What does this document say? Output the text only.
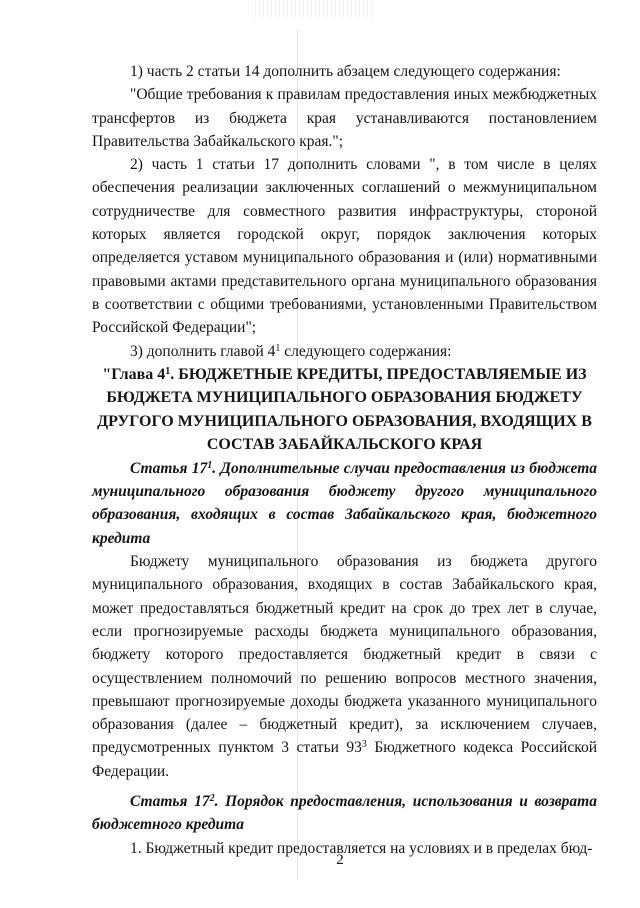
1) часть 2 статьи 14 дополнить абзацем следующего содержания:

"Общие требования к правилам предоставления иных межбюджетных трансфертов из бюджета края устанавливаются постановлением Правительства Забайкальского края.";

2) часть 1 статьи 17 дополнить словами ", в том числе в целях обеспечения реализации заключенных соглашений о межмуниципальном сотрудничестве для совместного развития инфраструктуры, стороной которых является городской округ, порядок заключения которых определяется уставом муниципального образования и (или) нормативными правовыми актами представительного органа муниципального образования в соответствии с общими требованиями, установленными Правительством Российской Федерации";

3) дополнить главой $4^1$ следующего содержания:

"Глава $4^1$. БЮДЖЕТНЫЕ КРЕДИТЫ, ПРЕДОСТАВЛЯЕМЫЕ ИЗ БЮДЖЕТА МУНИЦИПАЛЬНОГО ОБРАЗОВАНИЯ БЮДЖЕТУ ДРУГОГО МУНИЦИПАЛЬНОГО ОБРАЗОВАНИЯ, ВХОДЯЩИХ В СОСТАВ ЗАБАЙКАЛЬСКОГО КРАЯ

Статья $17^1$. Дополнительные случаи предоставления из бюджета муниципального образования бюджету другого муниципального образования, входящих в состав Забайкальского края, бюджетного кредита

Бюджету муниципального образования из бюджета другого муниципального образования, входящих в состав Забайкальского края, может предоставляться бюджетный кредит на срок до трех лет в случае, если прогнозируемые расходы бюджета муниципального образования, бюджету которого предоставляется бюджетный кредит в связи с осуществлением полномочий по решению вопросов местного значения, превышают прогнозируемые доходы бюджета указанного муниципального образования (далее – бюджетный кредит), за исключением случаев, предусмотренных пунктом 3 статьи $93^3$ Бюджетного кодекса Российской Федерации.

Статья $17^2$. Порядок предоставления, использования и возврата бюджетного кредита

1. Бюджетный кредит предоставляется на условиях и в пределах бюд-

2
